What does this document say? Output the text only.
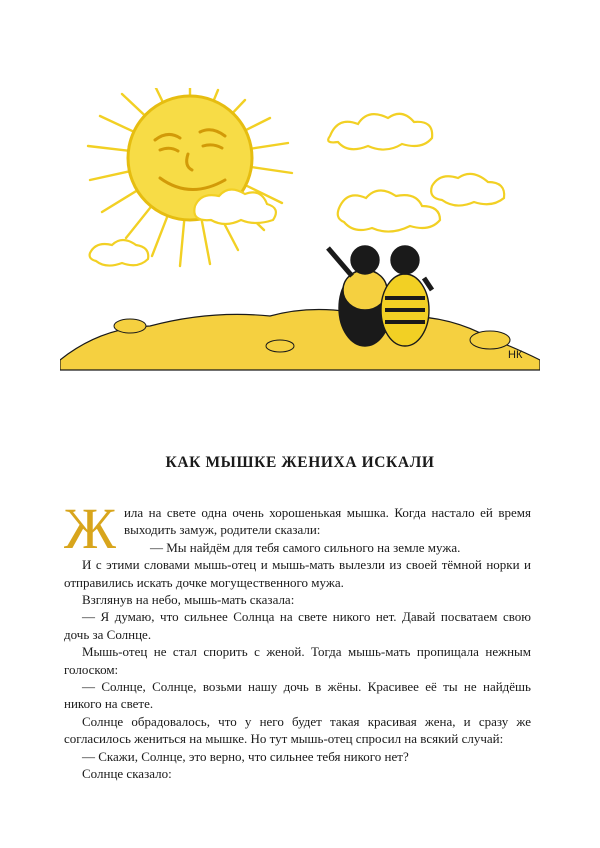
НК
КАК МЫШКЕ ЖЕНИХА ИСКАЛИ
Ж ила на свете одна очень хорошенькая мышка. Когда настало ей время выходить замуж, родители сказали:

— Мы найдём для тебя самого сильного на земле мужа.

И с этими словами мышь-отец и мышь-мать вылезли из своей тёмной норки и отправились искать дочке могущественного мужа.

Взглянув на небо, мышь-мать сказала:

— Я думаю, что сильнее Солнца на свете никого нет. Давай посватаем свою дочь за Солнце.

Мышь-отец не стал спорить с женой. Тогда мышь-мать пропищала нежным голоском:

— Солнце, Солнце, возьми нашу дочь в жёны. Красивее её ты не найдёшь никого на свете.

Солнце обрадовалось, что у него будет такая красивая жена, и сразу же согласилось жениться на мышке. Но тут мышь-отец спросил на всякий случай:

— Скажи, Солнце, это верно, что сильнее тебя никого нет?

Солнце сказало:
